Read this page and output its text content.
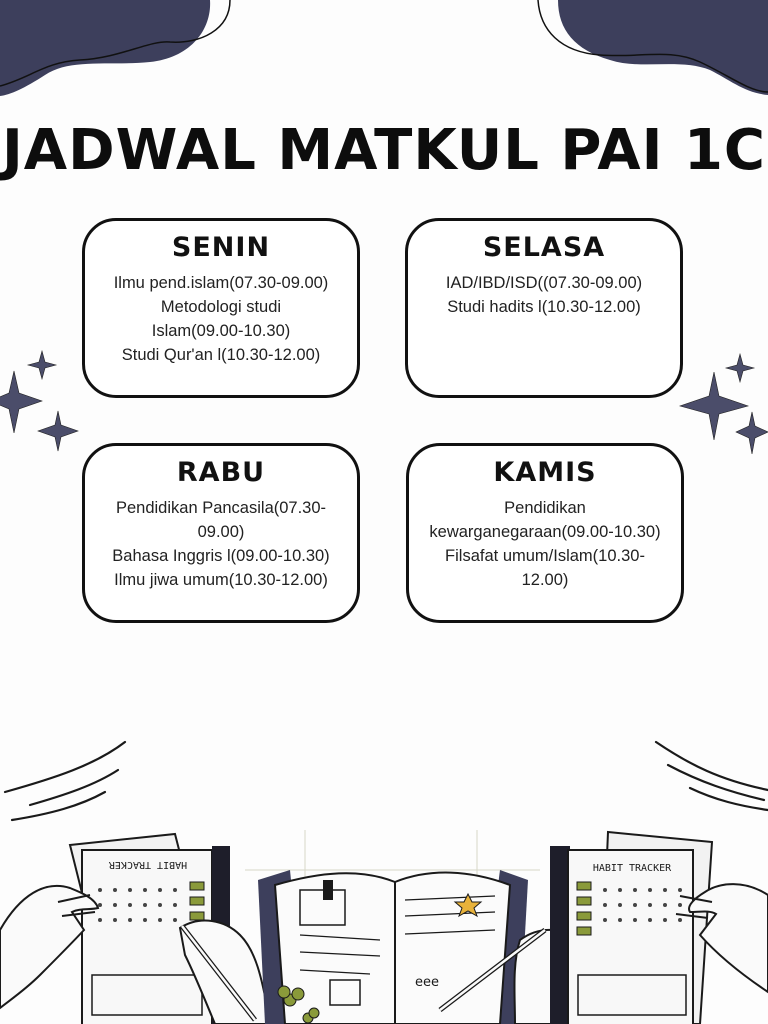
JADWAL MATKUL PAI 1C
SENIN
Ilmu pend.islam(07.30-09.00)
Metodologi studi Islam(09.00-10.30)
Studi Qur'an l(10.30-12.00)
SELASA
IAD/IBD/ISD((07.30-09.00)
Studi hadits l(10.30-12.00)
RABU
Pendidikan Pancasila(07.30-09.00)
Bahasa Inggris l(09.00-10.30)
Ilmu jiwa umum(10.30-12.00)
KAMIS
Pendidikan kewarganegaraan(09.00-10.30)
Filsafat umum/Islam(10.30-12.00)
HABIT TRACKER
eee
HABIT TRACKER
